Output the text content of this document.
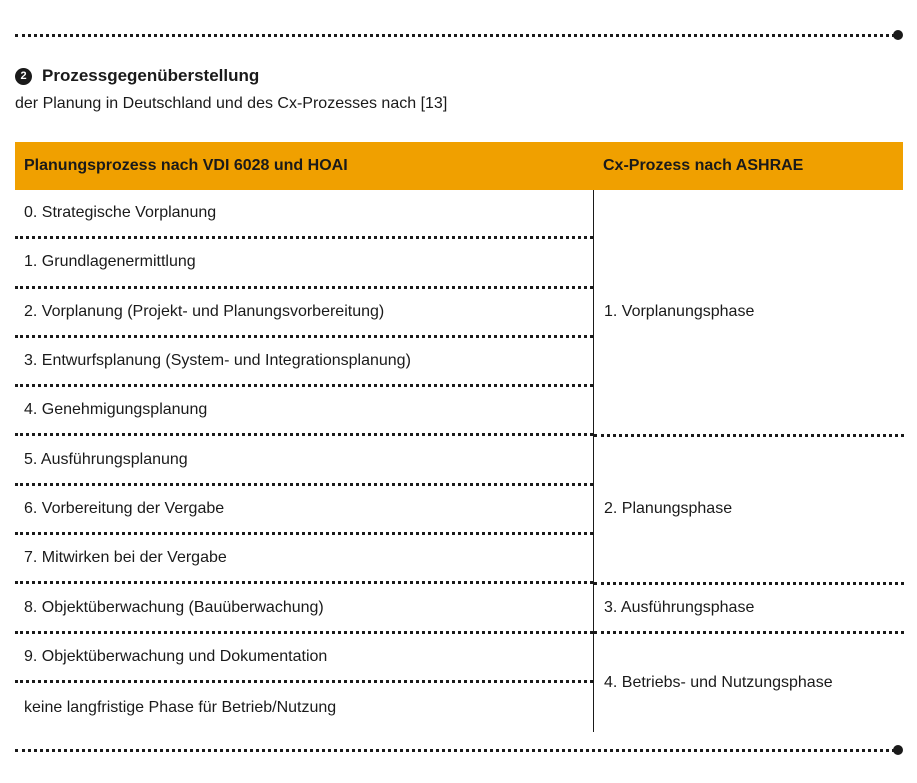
2 Prozessgegenüberstellung
der Planung in Deutschland und des Cx-Prozesses nach [13]
Planungsprozess nach VDI 6028 und HOAI	Cx-Prozess nach ASHRAE
0. Strategische Vorplanung
1. Grundlagenermittlung
2. Vorplanung (Projekt- und Planungsvorbereitung)
3. Entwurfsplanung (System- und Integrationsplanung)
4. Genehmigungsplanung
5. Ausführungsplanung
6. Vorbereitung der Vergabe
7. Mitwirken bei der Vergabe
8. Objektüberwachung (Bauüberwachung)
9. Objektüberwachung und Dokumentation
keine langfristige Phase für Betrieb/Nutzung
1. Vorplanungsphase
2. Planungsphase
3. Ausführungsphase
4. Betriebs- und Nutzungsphase
